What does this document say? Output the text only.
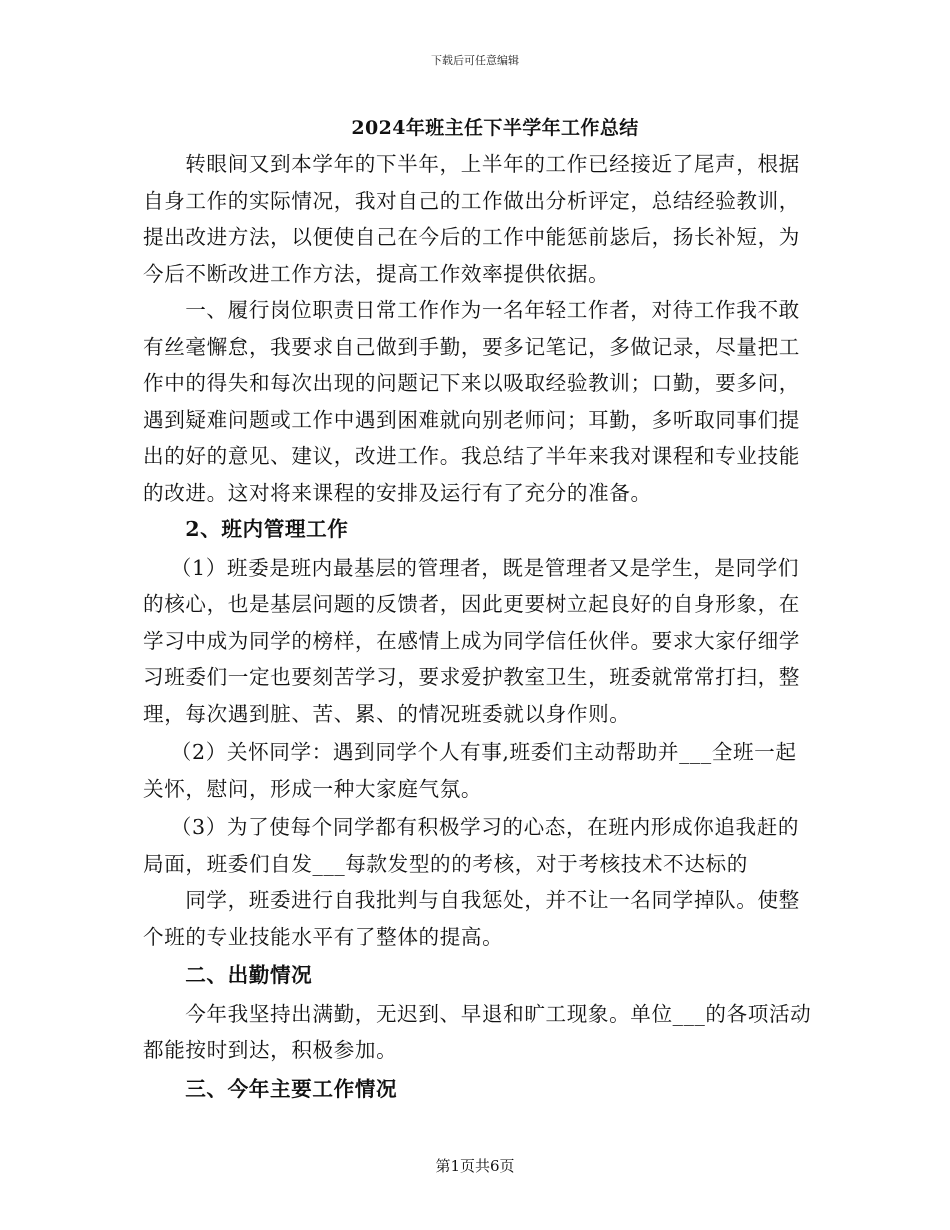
下载后可任意编辑
2024年班主任下半学年工作总结

转眼间又到本学年的下半年，上半年的工作已经接近了尾声，根据自身工作的实际情况，我对自己的工作做出分析评定，总结经验教训，提出改进方法，以便使自己在今后的工作中能惩前毖后，扬长补短，为今后不断改进工作方法，提高工作效率提供依据。

一、履行岗位职责日常工作作为一名年轻工作者，对待工作我不敢有丝毫懈怠，我要求自己做到手勤，要多记笔记，多做记录，尽量把工作中的得失和每次出现的问题记下来以吸取经验教训；口勤，要多问，遇到疑难问题或工作中遇到困难就向别老师问；耳勤，多听取同事们提出的好的意见、建议，改进工作。我总结了半年来我对课程和专业技能的改进。这对将来课程的安排及运行有了充分的准备。

2、班内管理工作

（1）班委是班内最基层的管理者，既是管理者又是学生，是同学们的核心，也是基层问题的反馈者，因此更要树立起良好的自身形象，在学习中成为同学的榜样，在感情上成为同学信任伙伴。要求大家仔细学习班委们一定也要刻苦学习，要求爱护教室卫生，班委就常常打扫，整理，每次遇到脏、苦、累、的情况班委就以身作则。

（2）关怀同学：遇到同学个人有事,班委们主动帮助并___全班一起关怀，慰问，形成一种大家庭气氛。

（3）为了使每个同学都有积极学习的心态，在班内形成你追我赶的局面，班委们自发___每款发型的的考核，对于考核技术不达标的

同学，班委进行自我批判与自我惩处，并不让一名同学掉队。使整个班的专业技能水平有了整体的提高。

二、出勤情况

今年我坚持出满勤，无迟到、早退和旷工现象。单位___的各项活动都能按时到达，积极参加。

三、今年主要工作情况

第1页共6页
